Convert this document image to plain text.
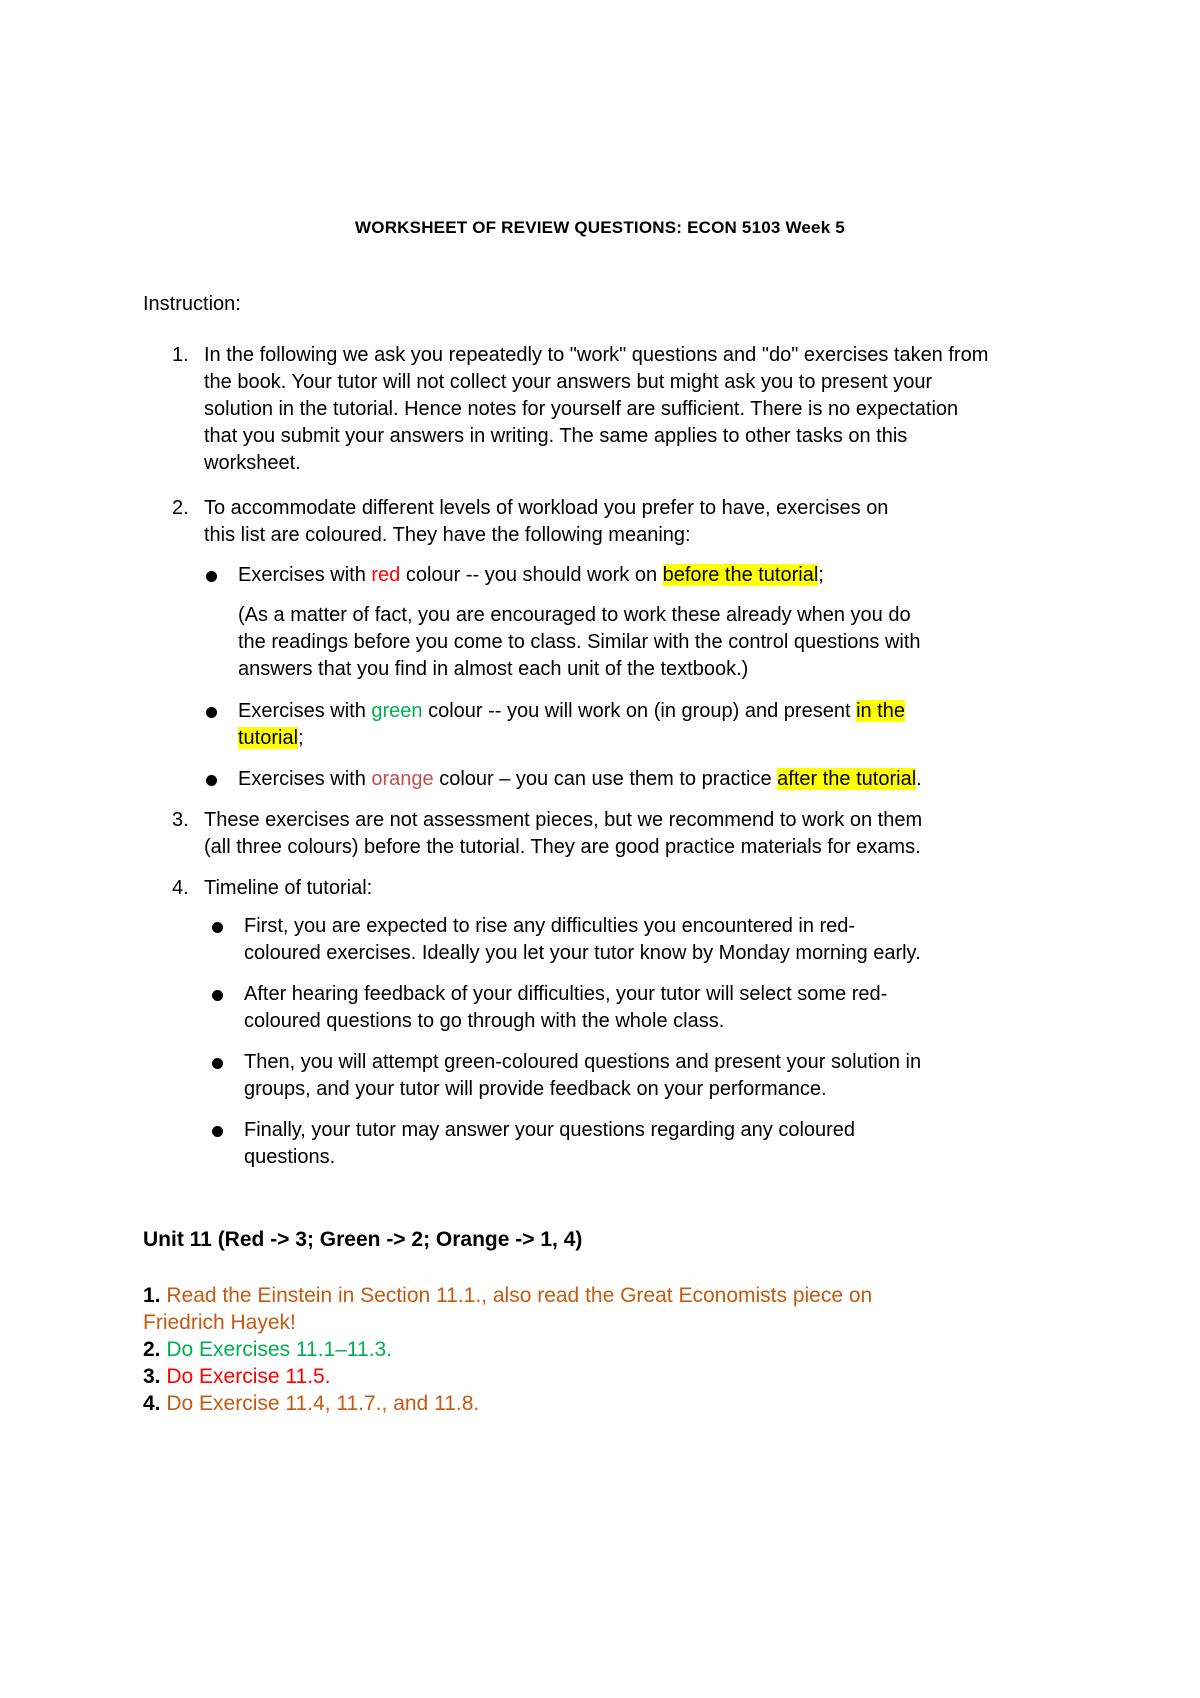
WORKSHEET OF REVIEW QUESTIONS: ECON 5103 Week 5
Instruction:
1. In the following we ask you repeatedly to "work" questions and "do" exercises taken from
the book. Your tutor will not collect your answers but might ask you to present your
solution in the tutorial. Hence notes for yourself are sufficient. There is no expectation
that you submit your answers in writing. The same applies to other tasks on this
worksheet.
2. To accommodate different levels of workload you prefer to have, exercises on
this list are coloured. They have the following meaning:
Exercises with red colour -- you should work on before the tutorial;
(As a matter of fact, you are encouraged to work these already when you do
the readings before you come to class. Similar with the control questions with
answers that you find in almost each unit of the textbook.)
Exercises with green colour -- you will work on (in group) and present in the
tutorial;
Exercises with orange colour – you can use them to practice after the tutorial.
3. These exercises are not assessment pieces, but we recommend to work on them
(all three colours) before the tutorial. They are good practice materials for exams.
4. Timeline of tutorial:
First, you are expected to rise any difficulties you encountered in red-
coloured exercises. Ideally you let your tutor know by Monday morning early.
After hearing feedback of your difficulties, your tutor will select some red-
coloured questions to go through with the whole class.
Then, you will attempt green-coloured questions and present your solution in
groups, and your tutor will provide feedback on your performance.
Finally, your tutor may answer your questions regarding any coloured
questions.
Unit 11 (Red -> 3; Green -> 2; Orange -> 1, 4)
1. Read the Einstein in Section 11.1., also read the Great Economists piece on
Friedrich Hayek!
2. Do Exercises 11.1–11.3.
3. Do Exercise 11.5.
4. Do Exercise 11.4, 11.7., and 11.8.
